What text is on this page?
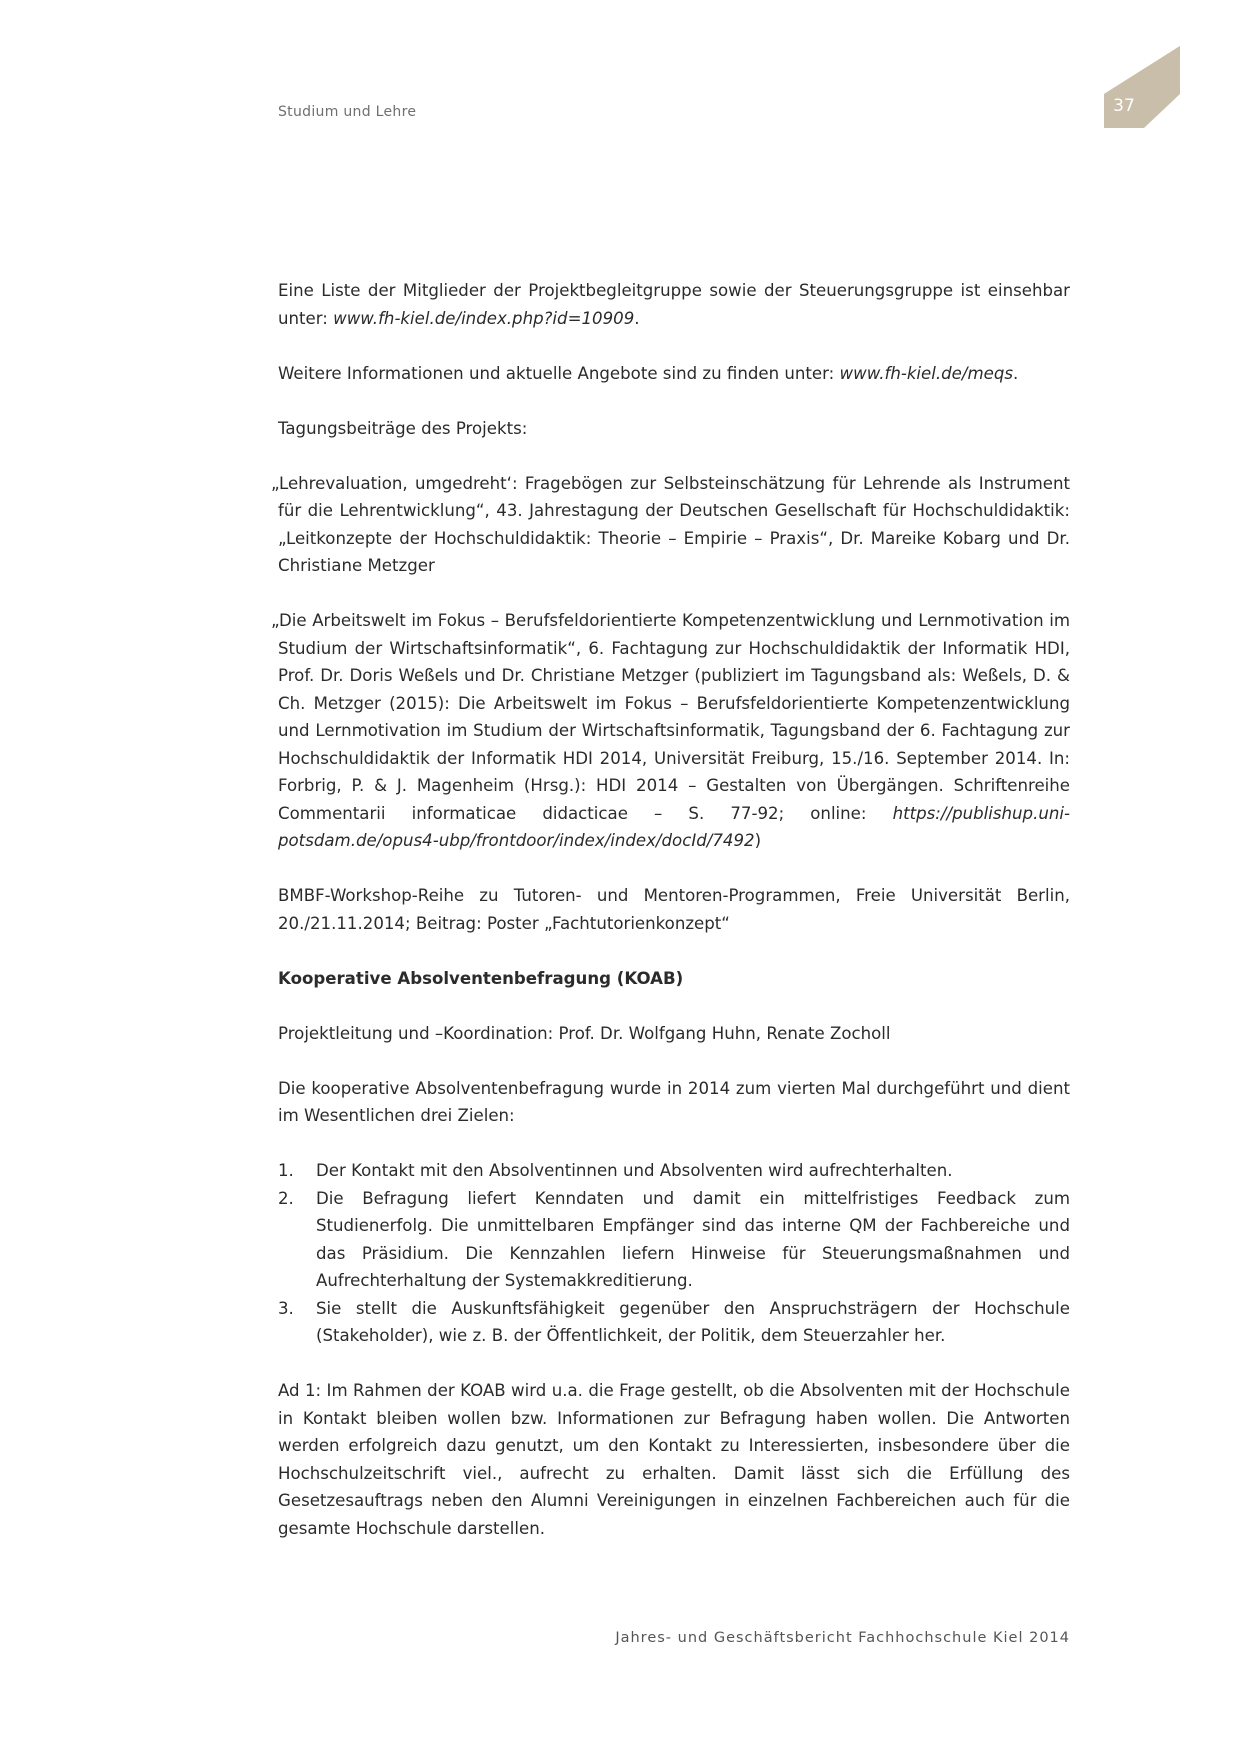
Studium und Lehre	37

Eine Liste der Mitglieder der Projektbegleitgruppe sowie der Steuerungsgruppe ist einsehbar unter: www.fh-kiel.de/index.php?id=10909.

Weitere Informationen und aktuelle Angebote sind zu finden unter: www.fh-kiel.de/meqs.

Tagungsbeiträge des Projekts:

„Lehrevaluation, umgedreht‘: Fragebögen zur Selbsteinschätzung für Lehrende als Instrument für die Lehrentwicklung“, 43. Jahrestagung der Deutschen Gesellschaft für Hochschuldidaktik: „Leitkonzepte der Hochschuldidaktik: Theorie – Empirie – Praxis“, Dr. Mareike Kobarg und Dr. Christiane Metzger

„Die Arbeitswelt im Fokus – Berufsfeldorientierte Kompetenzentwicklung und Lernmotivation im Studium der Wirtschaftsinformatik“, 6. Fachtagung zur Hochschuldidaktik der Informatik HDI, Prof. Dr. Doris Weßels und Dr. Christiane Metzger (publiziert im Tagungsband als: Weßels, D. & Ch. Metzger (2015): Die Arbeitswelt im Fokus – Berufsfeldorientierte Kompetenzentwicklung und Lernmotivation im Studium der Wirtschaftsinformatik, Tagungsband der 6. Fachtagung zur Hochschuldidaktik der Informatik HDI 2014, Universität Freiburg, 15./16. September 2014. In: Forbrig, P. & J. Magenheim (Hrsg.): HDI 2014 – Gestalten von Übergängen. Schriftenreihe Commentarii informaticae didacticae – S. 77-92; online: https://publishup.uni-potsdam.de/opus4-ubp/frontdoor/index/index/docId/7492)

BMBF-Workshop-Reihe zu Tutoren- und Mentoren-Programmen, Freie Universität Berlin, 20./21.11.2014; Beitrag: Poster „Fachtutorienkonzept“

Kooperative Absolventenbefragung (KOAB)

Projektleitung und –Koordination: Prof. Dr. Wolfgang Huhn, Renate Zocholl

Die kooperative Absolventenbefragung wurde in 2014 zum vierten Mal durchgeführt und dient im Wesentlichen drei Zielen:

1. Der Kontakt mit den Absolventinnen und Absolventen wird aufrechterhalten.
2. Die Befragung liefert Kenndaten und damit ein mittelfristiges Feedback zum Studienerfolg. Die unmittelbaren Empfänger sind das interne QM der Fachbereiche und das Präsidium. Die Kennzahlen liefern Hinweise für Steuerungsmaßnahmen und Aufrechterhaltung der Systemakkreditierung.
3. Sie stellt die Auskunftsfähigkeit gegenüber den Anspruchsträgern der Hochschule (Stakeholder), wie z. B. der Öffentlichkeit, der Politik, dem Steuerzahler her.

Ad 1: Im Rahmen der KOAB wird u.a. die Frage gestellt, ob die Absolventen mit der Hochschule in Kontakt bleiben wollen bzw. Informationen zur Befragung haben wollen. Die Antworten werden erfolgreich dazu genutzt, um den Kontakt zu Interessierten, insbesondere über die Hochschulzeitschrift viel., aufrecht zu erhalten. Damit lässt sich die Erfüllung des Gesetzesauftrags neben den Alumni Vereinigungen in einzelnen Fachbereichen auch für die gesamte Hochschule darstellen.

Jahres- und Geschäftsbericht Fachhochschule Kiel 2014
